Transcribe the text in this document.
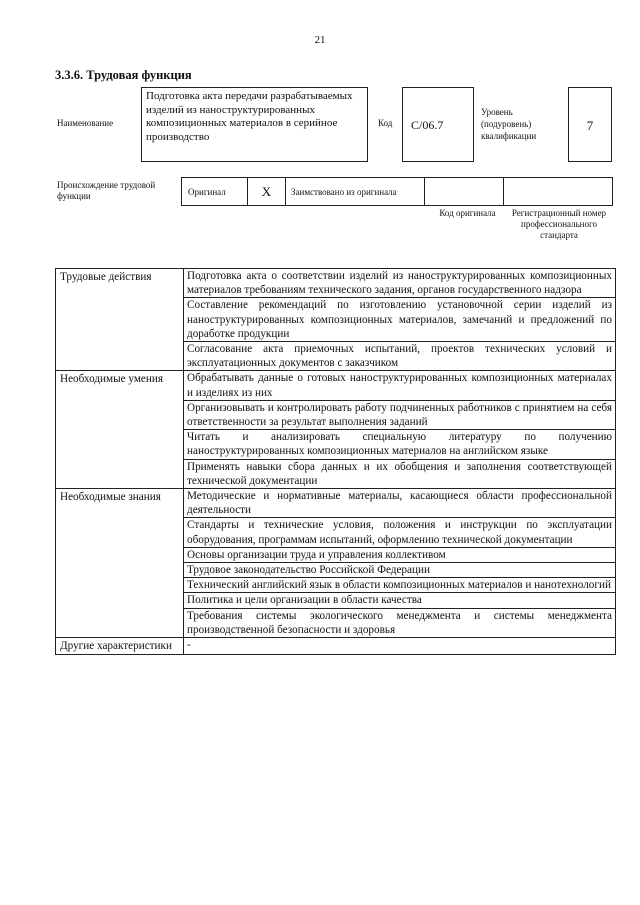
21
3.3.6. Трудовая функция
Наименование
Подготовка акта передачи разрабатываемых изделий из наноструктурированных композиционных материалов в серийное производство
Код	C/06.7
Уровень (подуровень) квалификации
7
Происхождение трудовой функции	Оригинал	X	Заимствовано из оригинала
Код оригинала	Регистрационный номер профессионального стандарта
Трудовые действия	Подготовка акта о соответствии изделий из наноструктурированных композиционных материалов требованиям технического задания, органов государственного надзора
	Составление рекомендаций по изготовлению установочной серии изделий из наноструктурированных композиционных материалов, замечаний и предложений по доработке продукции
	Согласование акта приемочных испытаний, проектов технических условий и эксплуатационных документов с заказчиком
Необходимые умения	Обрабатывать данные о готовых наноструктурированных композиционных материалах и изделиях из них
	Организовывать и контролировать работу подчиненных работников с принятием на себя ответственности за результат выполнения заданий
	Читать и анализировать специальную литературу по получению наноструктурированных композиционных материалов на английском языке
	Применять навыки сбора данных и их обобщения и заполнения соответствующей технической документации
Необходимые знания	Методические и нормативные материалы, касающиеся области профессиональной деятельности
	Стандарты и технические условия, положения и инструкции по эксплуатации оборудования, программам испытаний, оформлению технической документации
	Основы организации труда и управления коллективом
	Трудовое законодательство Российской Федерации
	Технический английский язык в области композиционных материалов и нанотехнологий
	Политика и цели организации в области качества
	Требования системы экологического менеджмента и системы менеджмента производственной безопасности и здоровья
Другие характеристики	-
